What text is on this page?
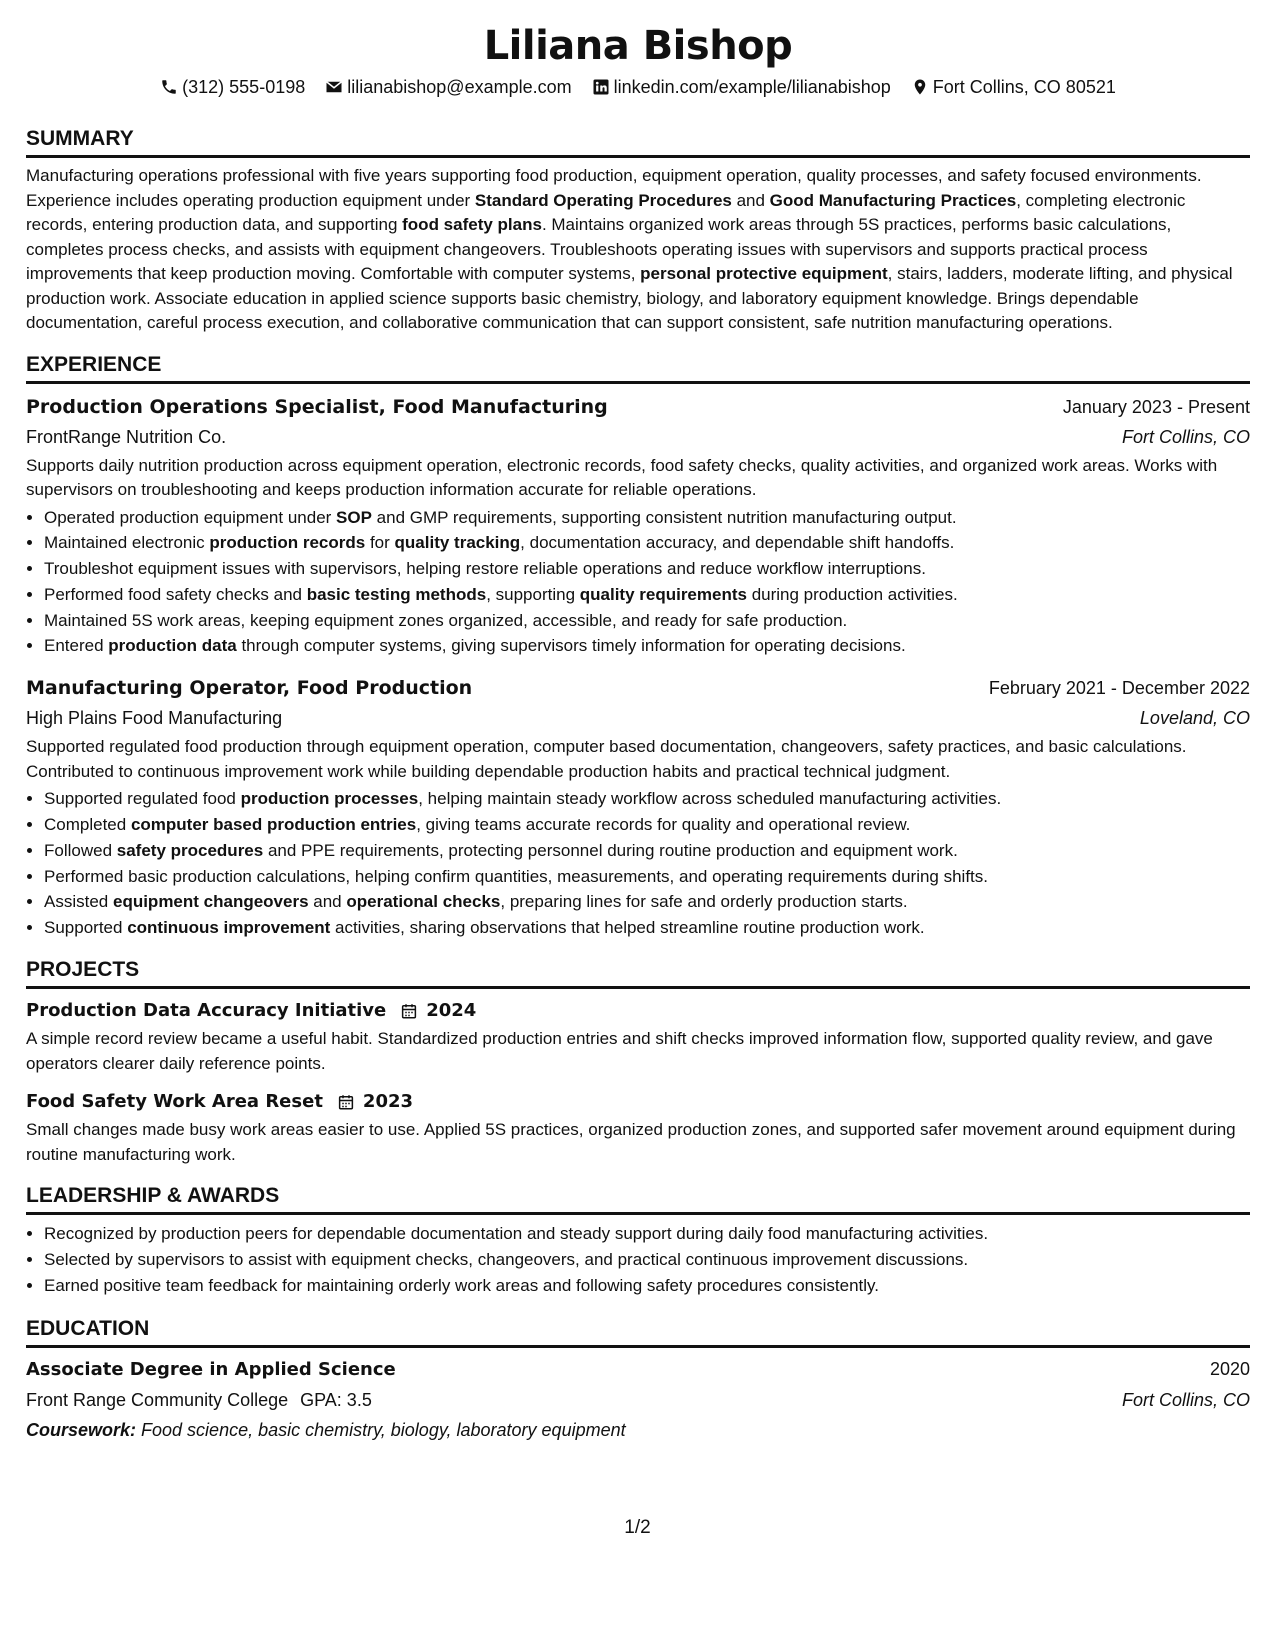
Liliana Bishop
(312) 555-0198 lilianabishop@example.com linkedin.com/example/lilianabishop Fort Collins, CO 80521
SUMMARY

Manufacturing operations professional with five years supporting food production, equipment operation, quality processes, and safety focused environments. Experience includes operating production equipment under Standard Operating Procedures and Good Manufacturing Practices, completing electronic records, entering production data, and supporting food safety plans. Maintains organized work areas through 5S practices, performs basic calculations, completes process checks, and assists with equipment changeovers. Troubleshoots operating issues with supervisors and supports practical process improvements that keep production moving. Comfortable with computer systems, personal protective equipment, stairs, ladders, moderate lifting, and physical production work. Associate education in applied science supports basic chemistry, biology, and laboratory equipment knowledge. Brings dependable documentation, careful process execution, and collaborative communication that can support consistent, safe nutrition manufacturing operations.

EXPERIENCE
Production Operations Specialist, Food Manufacturing	January 2023 - Present
FrontRange Nutrition Co.	Fort Collins, CO

Supports daily nutrition production across equipment operation, electronic records, food safety checks, quality activities, and organized work areas. Works with supervisors on troubleshooting and keeps production information accurate for reliable operations.

• Operated production equipment under SOP and GMP requirements, supporting consistent nutrition manufacturing output.
• Maintained electronic production records for quality tracking, documentation accuracy, and dependable shift handoffs.
• Troubleshot equipment issues with supervisors, helping restore reliable operations and reduce workflow interruptions.
• Performed food safety checks and basic testing methods, supporting quality requirements during production activities.
• Maintained 5S work areas, keeping equipment zones organized, accessible, and ready for safe production.
• Entered production data through computer systems, giving supervisors timely information for operating decisions.
Manufacturing Operator, Food Production	February 2021 - December 2022
High Plains Food Manufacturing	Loveland, CO

Supported regulated food production through equipment operation, computer based documentation, changeovers, safety practices, and basic calculations. Contributed to continuous improvement work while building dependable production habits and practical technical judgment.

• Supported regulated food production processes, helping maintain steady workflow across scheduled manufacturing activities.
• Completed computer based production entries, giving teams accurate records for quality and operational review.
• Followed safety procedures and PPE requirements, protecting personnel during routine production and equipment work.
• Performed basic production calculations, helping confirm quantities, measurements, and operating requirements during shifts.
• Assisted equipment changeovers and operational checks, preparing lines for safe and orderly production starts.
• Supported continuous improvement activities, sharing observations that helped streamline routine production work.
PROJECTS
Production Data Accuracy Initiative 2024

A simple record review became a useful habit. Standardized production entries and shift checks improved information flow, supported quality review, and gave operators clearer daily reference points.

Food Safety Work Area Reset 2023

Small changes made busy work areas easier to use. Applied 5S practices, organized production zones, and supported safer movement around equipment during routine manufacturing work.

LEADERSHIP & AWARDS
• Recognized by production peers for dependable documentation and steady support during daily food manufacturing activities.
• Selected by supervisors to assist with equipment checks, changeovers, and practical continuous improvement discussions.
• Earned positive team feedback for maintaining orderly work areas and following safety procedures consistently.
EDUCATION
Associate Degree in Applied Science	2020
Front Range Community College GPA: 3.5	Fort Collins, CO
Coursework: Food science, basic chemistry, biology, laboratory equipment
1/2
